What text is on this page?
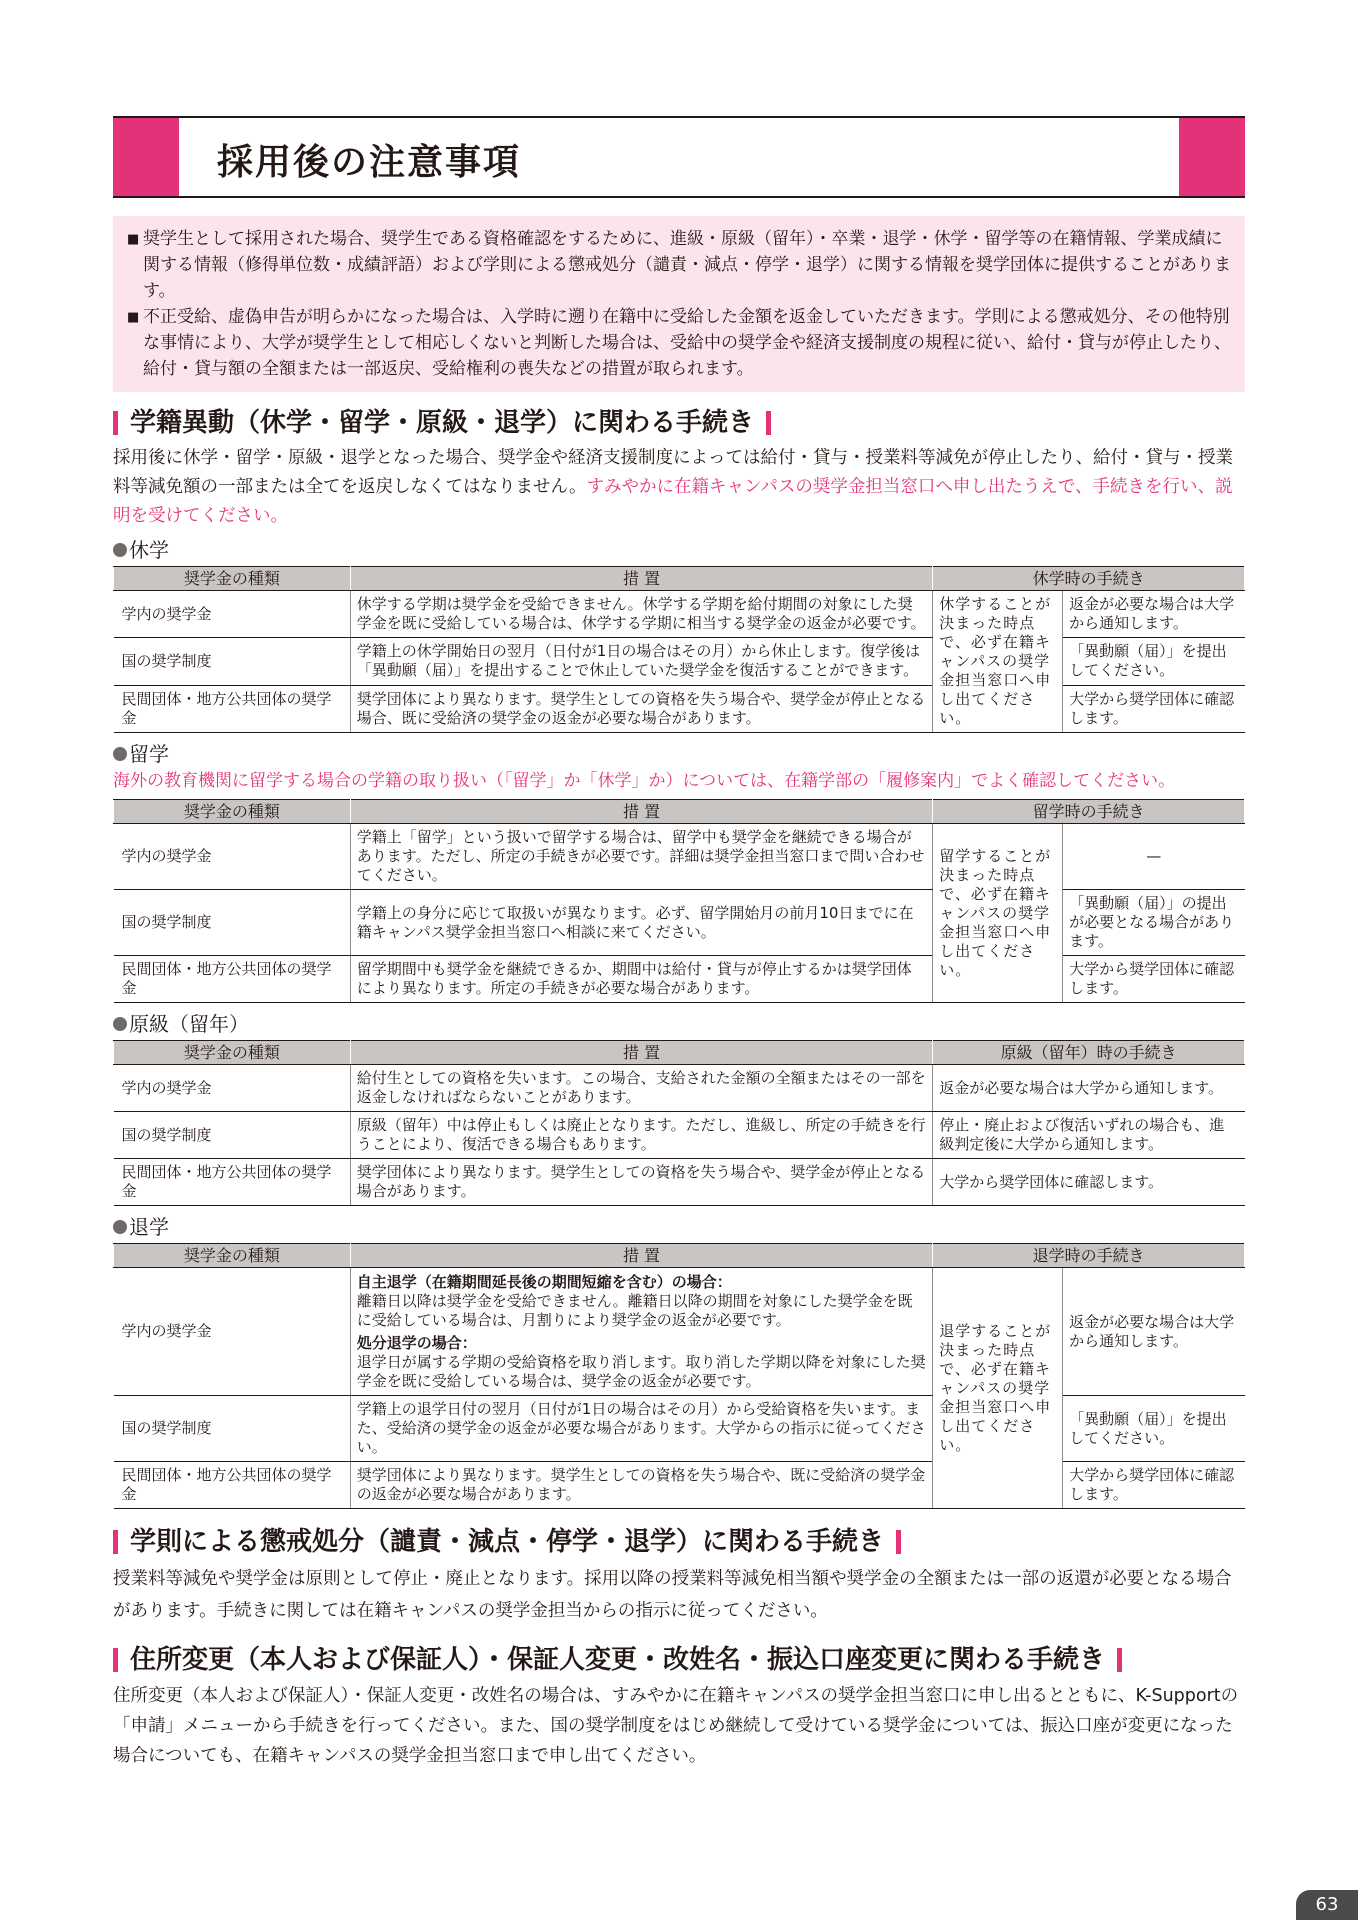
採用後の注意事項
■ 奨学生として採用された場合、奨学生である資格確認をするために、進級・原級（留年）・卒業・退学・休学・留学等の在籍情報、学業成績に関する情報（修得単位数・成績評語）および学則による懲戒処分（譴責・減点・停学・退学）に関する情報を奨学団体に提供することがあります。
■ 不正受給、虚偽申告が明らかになった場合は、入学時に遡り在籍中に受給した金額を返金していただきます。学則による懲戒処分、その他特別な事情により、大学が奨学生として相応しくないと判断した場合は、受給中の奨学金や経済支援制度の規程に従い、給付・貸与が停止したり、給付・貸与額の全額または一部返戻、受給権利の喪失などの措置が取られます。
学籍異動（休学・留学・原級・退学）に関わる手続き
採用後に休学・留学・原級・退学となった場合、奨学金や経済支援制度によっては給付・貸与・授業料等減免が停止したり、給付・貸与・授業料等減免額の一部または全てを返戻しなくてはなりません。すみやかに在籍キャンパスの奨学金担当窓口へ申し出たうえで、手続きを行い、説明を受けてください。
休学
奨学金の種類	措 置	休学時の手続き	
学内の奨学金	休学する学期は奨学金を受給できません。休学する学期を給付期間の対象にした奨学金を既に受給している場合は、休学する学期に相当する奨学金の返金が必要です。	休学することが決まった時点で、必ず在籍キャンパスの奨学金担当窓口へ申し出てください。	返金が必要な場合は大学から通知します。
国の奨学制度	学籍上の休学開始日の翌月（日付が1日の場合はその月）から休止します。復学後は「異動願（届）」を提出することで休止していた奨学金を復活することができます。		「異動願（届）」を提出してください。
民間団体・地方公共団体の奨学金	奨学団体により異なります。奨学生としての資格を失う場合や、奨学金が停止となる場合、既に受給済の奨学金の返金が必要な場合があります。		大学から奨学団体に確認します。
留学
海外の教育機関に留学する場合の学籍の取り扱い（「留学」か「休学」か）については、在籍学部の「履修案内」でよく確認してください。
奨学金の種類	措 置	留学時の手続き	
学内の奨学金	学籍上「留学」という扱いで留学する場合は、留学中も奨学金を継続できる場合があります。ただし、所定の手続きが必要です。詳細は奨学金担当窓口まで問い合わせてください。	留学することが決まった時点で、必ず在籍キャンパスの奨学金担当窓口へ申し出てください。	—
国の奨学制度	学籍上の身分に応じて取扱いが異なります。必ず、留学開始月の前月10日までに在籍キャンパス奨学金担当窓口へ相談に来てください。		「異動願（届）」の提出が必要となる場合があります。
民間団体・地方公共団体の奨学金	留学期間中も奨学金を継続できるか、期間中は給付・貸与が停止するかは奨学団体により異なります。所定の手続きが必要な場合があります。		大学から奨学団体に確認します。
原級（留年）
奨学金の種類	措 置	原級（留年）時の手続き
学内の奨学金	給付生としての資格を失います。この場合、支給された金額の全額またはその一部を返金しなければならないことがあります。	返金が必要な場合は大学から通知します。
国の奨学制度	原級（留年）中は停止もしくは廃止となります。ただし、進級し、所定の手続きを行うことにより、復活できる場合もあります。	停止・廃止および復活いずれの場合も、進級判定後に大学から通知します。
民間団体・地方公共団体の奨学金	奨学団体により異なります。奨学生としての資格を失う場合や、奨学金が停止となる場合があります。	大学から奨学団体に確認します。
退学
奨学金の種類	措 置	退学時の手続き	
学内の奨学金	自主退学（在籍期間延長後の期間短縮を含む）の場合：
離籍日以降は奨学金を受給できません。離籍日以降の期間を対象にした奨学金を既に受給している場合は、月割りにより奨学金の返金が必要です。
処分退学の場合：
退学日が属する学期の受給資格を取り消します。取り消した学期以降を対象にした奨学金を既に受給している場合は、奨学金の返金が必要です。	退学することが決まった時点で、必ず在籍キャンパスの奨学金担当窓口へ申し出てください。	返金が必要な場合は大学から通知します。
国の奨学制度	学籍上の退学日付の翌月（日付が1日の場合はその月）から受給資格を失います。また、受給済の奨学金の返金が必要な場合があります。大学からの指示に従ってください。		「異動願（届）」を提出してください。
民間団体・地方公共団体の奨学金	奨学団体により異なります。奨学生としての資格を失う場合や、既に受給済の奨学金の返金が必要な場合があります。		大学から奨学団体に確認します。
学則による懲戒処分（譴責・減点・停学・退学）に関わる手続き
授業料等減免や奨学金は原則として停止・廃止となります。採用以降の授業料等減免相当額や奨学金の全額または一部の返還が必要となる場合があります。手続きに関しては在籍キャンパスの奨学金担当からの指示に従ってください。
住所変更（本人および保証人）・保証人変更・改姓名・振込口座変更に関わる手続き
住所変更（本人および保証人）・保証人変更・改姓名の場合は、すみやかに在籍キャンパスの奨学金担当窓口に申し出るとともに、K-Supportの「申請」メニューから手続きを行ってください。また、国の奨学制度をはじめ継続して受けている奨学金については、振込口座が変更になった場合についても、在籍キャンパスの奨学金担当窓口まで申し出てください。
63
